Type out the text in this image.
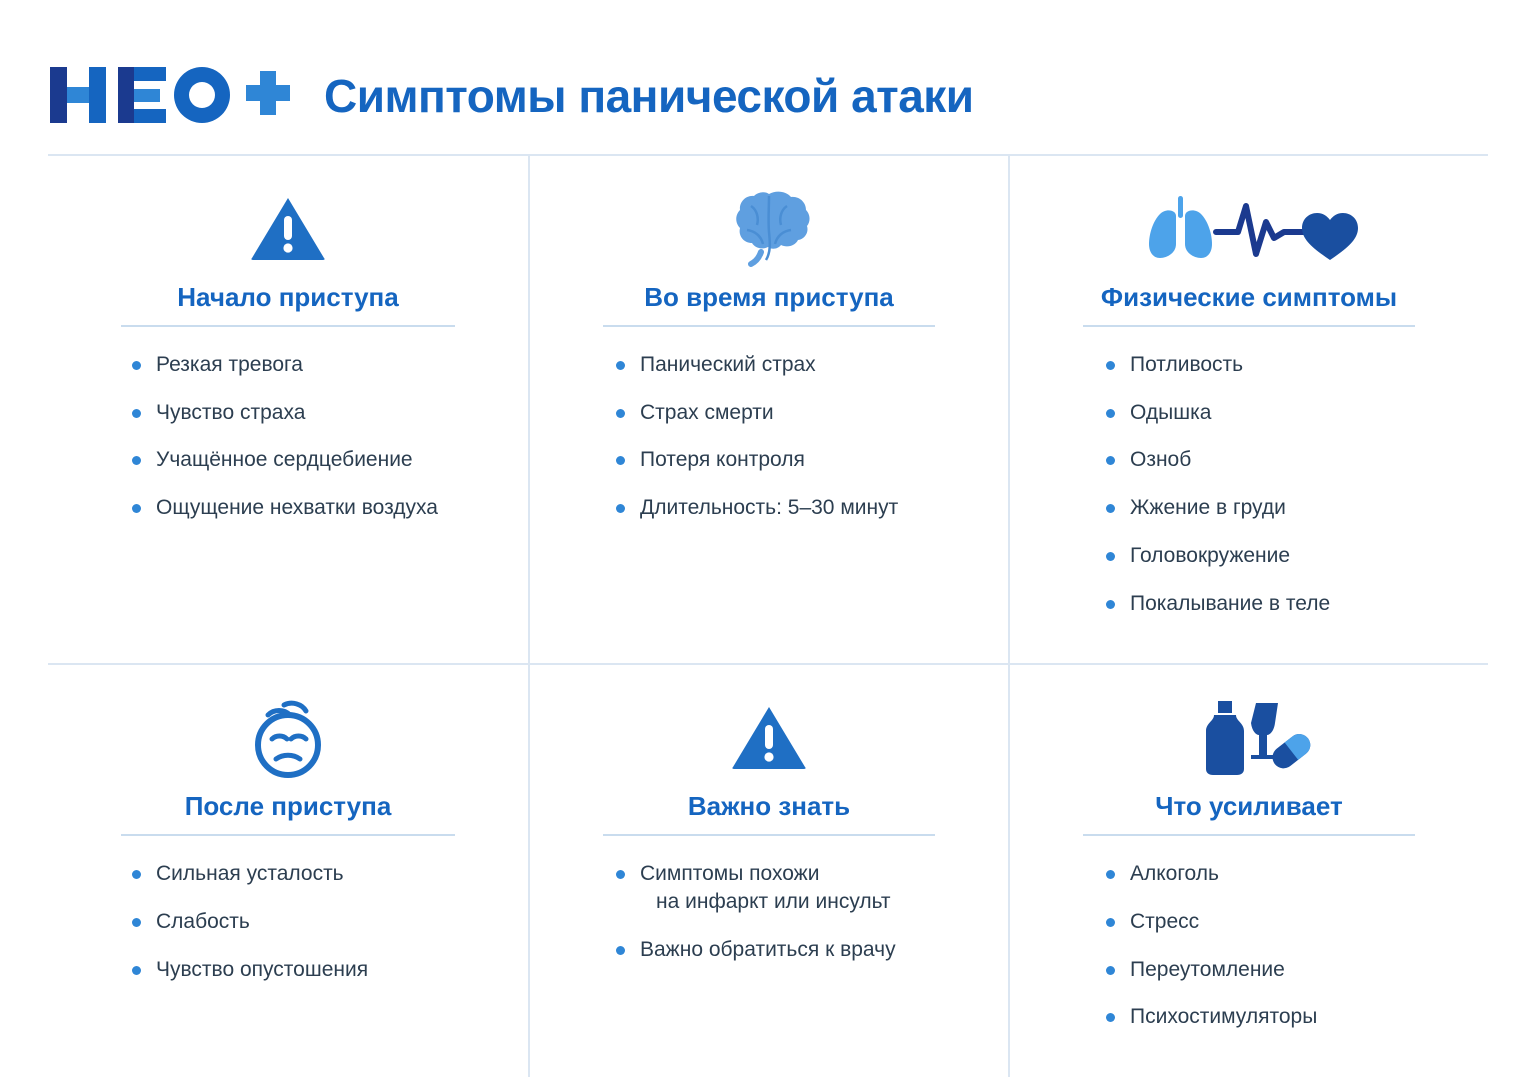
Симптомы панической атаки
Начало приступа
Резкая тревога
Чувство страха
Учащённое сердцебиение
Ощущение нехватки воздуха
Во время приступа
Панический страх
Страх смерти
Потеря контроля
Длительность: 5–30 минут
Физические симптомы
Потливость
Одышка
Озноб
Жжение в груди
Головокружение
Покалывание в теле
После приступа
Сильная усталость
Слабость
Чувство опустошения
Важно знать
Симптомы похожи
на инфаркт или инсульт
Важно обратиться к врачу
Что усиливает
Алкоголь
Стресс
Переутомление
Психостимуляторы
